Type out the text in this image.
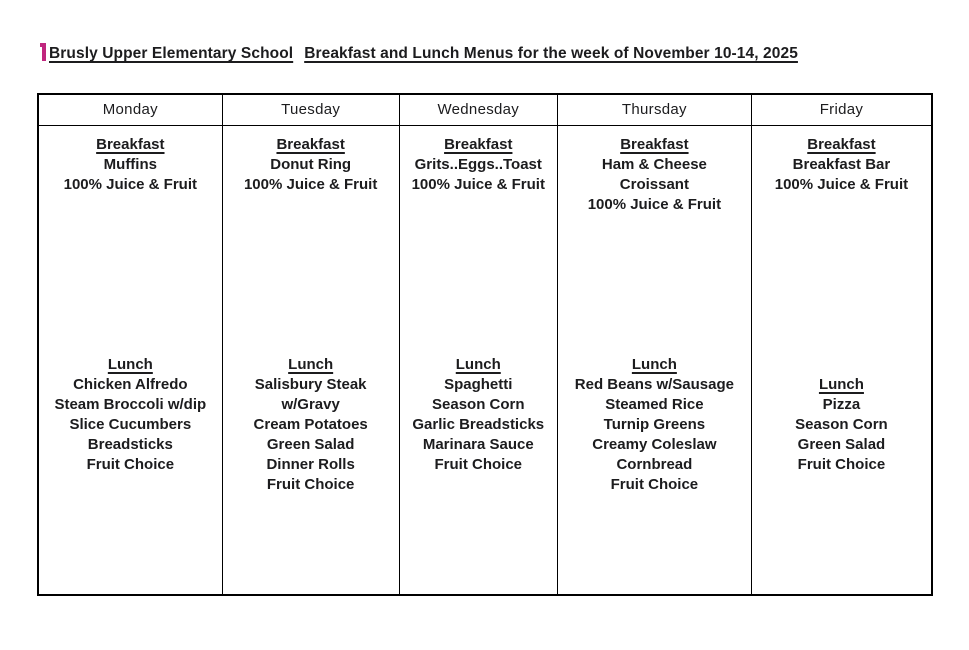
Brusly Upper Elementary School Breakfast and Lunch Menus for the week of November 10-14, 2025
Monday	Tuesday	Wednesday	Thursday	Friday

Breakfast
Muffins
100% Juice & Fruit
Lunch
Chicken Alfredo
Steam Broccoli w/dip
Slice Cucumbers
Breadsticks
Fruit Choice

Breakfast
Donut Ring
100% Juice & Fruit
Lunch
Salisbury Steak
w/Gravy
Cream Potatoes
Green Salad
Dinner Rolls
Fruit Choice

Breakfast
Grits..Eggs..Toast
100% Juice & Fruit
Lunch
Spaghetti
Season Corn
Garlic Breadsticks
Marinara Sauce
Fruit Choice

Breakfast
Ham & Cheese
Croissant
100% Juice & Fruit
Lunch
Red Beans w/Sausage
Steamed Rice
Turnip Greens
Creamy Coleslaw
Cornbread
Fruit Choice

Breakfast
Breakfast Bar
100% Juice & Fruit
Lunch
Pizza
Season Corn
Green Salad
Fruit Choice
